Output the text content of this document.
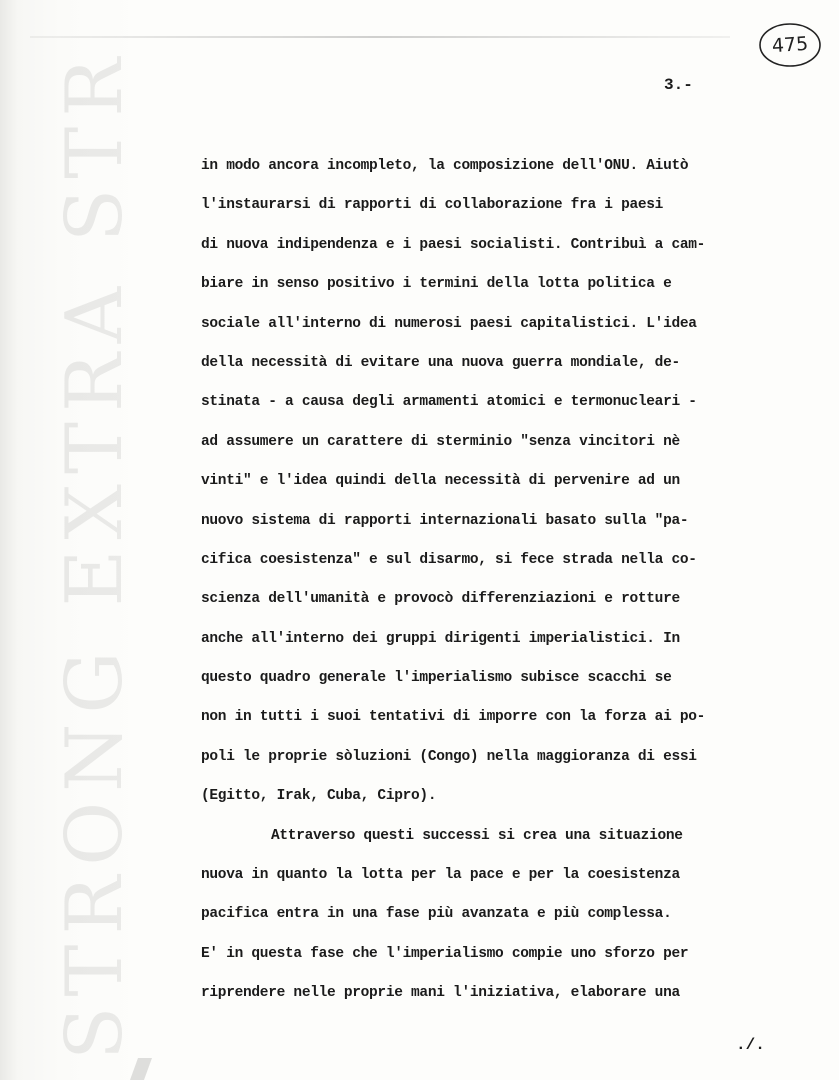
STRONG EXTRA STR
475
3.-
in modo ancora incompleto, la composizione dell'ONU. Aiutò
l'instaurarsi di rapporti di collaborazione fra i paesi
di nuova indipendenza e i paesi socialisti. Contribuì a cam-
biare in senso positivo i termini della lotta politica e
sociale all'interno di numerosi paesi capitalistici. L'idea
della necessità di evitare una nuova guerra mondiale, de-
stinata - a causa degli armamenti atomici e termonucleari -
ad assumere un carattere di sterminio "senza vincitori nè
vinti" e l'idea quindi della necessità di pervenire ad un
nuovo sistema di rapporti internazionali basato sulla "pa-
cifica coesistenza" e sul disarmo, si fece strada nella co-
scienza dell'umanità e provocò differenziazioni e rotture
anche all'interno dei gruppi dirigenti imperialistici. In
questo quadro generale l'imperialismo subisce scacchi se
non in tutti i suoi tentativi di imporre con la forza ai po-
poli le proprie sòluzioni (Congo) nella maggioranza di essi
(Egitto, Irak, Cuba, Cipro).
Attraverso questi successi si crea una situazione
nuova in quanto la lotta per la pace e per la coesistenza
pacifica entra in una fase più avanzata e più complessa.
E' in questa fase che l'imperialismo compie uno sforzo per
riprendere nelle proprie mani l'iniziativa, elaborare una
./.
